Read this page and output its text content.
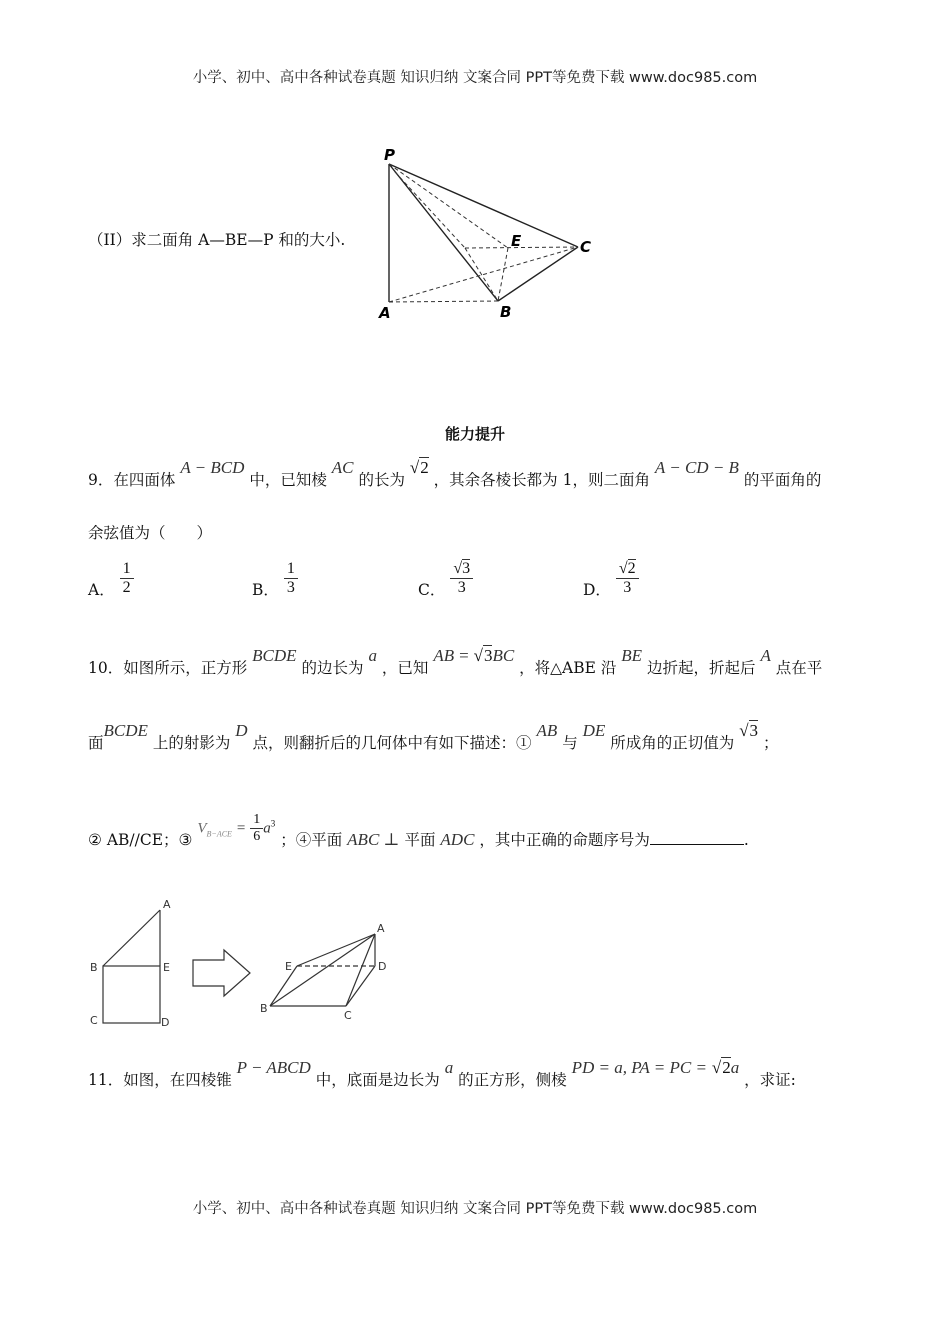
小学、初中、高中各种试卷真题 知识归纳 文案合同 PPT等免费下载 www.doc985.com
P
E	C
A	B
（II）求二面角 A—BE—P 和的大小.
能力提升
9．在四面体 A − BCD 中，已知棱 AC 的长为 √2 ，其余各棱长都为 1，则二面角 A − CD − B 的平面角的
余弦值为（　　）
A． $\frac{1}{2}$	B． $\frac{1}{3}$	C． $\frac{√3}{3}$	D． $\frac{√2}{3}$
10．如图所示，正方形 BCDE 的边长为 a ，已知 AB = √3BC ，将△ABE 沿 BE 边折起，折起后 A 点在平
面BCDE 上的射影为 D 点，则翻折后的几何体中有如下描述：① AB 与 DE 所成角的正切值为 √3 ；
② AB//CE；③ $V_{B-ACE} = \frac{1}{6} a^3$ ；④平面 ABC ⊥ 平面 ADC ，其中正确的命题序号为	.
A
B	E
C	D
A
E	D
B
C
11．如图，在四棱锥 P − ABCD 中，底面是边长为 a 的正方形，侧棱 PD = a, PA = PC = √2a ，求证:
小学、初中、高中各种试卷真题 知识归纳 文案合同 PPT等免费下载 www.doc985.com
